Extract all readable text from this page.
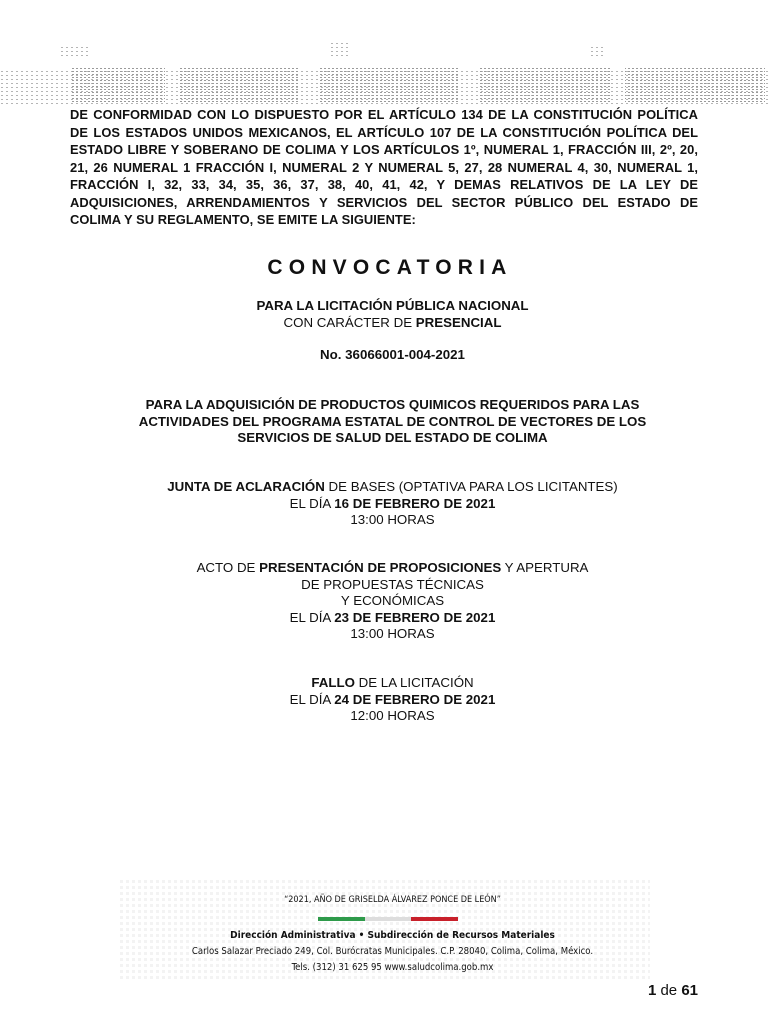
DE CONFORMIDAD CON LO DISPUESTO POR EL ARTÍCULO 134 DE LA CONSTITUCIÓN POLÍTICA DE LOS ESTADOS UNIDOS MEXICANOS, EL ARTÍCULO 107 DE LA CONSTITUCIÓN POLÍTICA DEL ESTADO LIBRE Y SOBERANO DE COLIMA Y LOS ARTÍCULOS 1º, NUMERAL 1, FRACCIÓN III, 2º, 20, 21, 26 NUMERAL 1 FRACCIÓN I, NUMERAL 2 Y NUMERAL 5, 27, 28 NUMERAL 4, 30, NUMERAL 1, FRACCIÓN I, 32, 33, 34, 35, 36, 37, 38, 40, 41, 42, Y DEMAS RELATIVOS DE LA LEY DE ADQUISICIONES, ARRENDAMIENTOS Y SERVICIOS DEL SECTOR PÚBLICO DEL ESTADO DE COLIMA Y SU REGLAMENTO, SE EMITE LA SIGUIENTE:
CONVOCATORIA
PARA LA LICITACIÓN PÚBLICA NACIONAL
CON CARÁCTER DE PRESENCIAL
No. 36066001-004-2021
PARA LA ADQUISICIÓN DE PRODUCTOS QUIMICOS REQUERIDOS PARA LAS
ACTIVIDADES DEL PROGRAMA ESTATAL DE CONTROL DE VECTORES DE LOS
SERVICIOS DE SALUD DEL ESTADO DE COLIMA
JUNTA DE ACLARACIÓN DE BASES (OPTATIVA PARA LOS LICITANTES)
EL DÍA 16 DE FEBRERO DE 2021
13:00 HORAS
ACTO DE PRESENTACIÓN DE PROPOSICIONES Y APERTURA
DE PROPUESTAS TÉCNICAS
Y ECONÓMICAS
EL DÍA 23 DE FEBRERO DE 2021
13:00 HORAS
FALLO DE LA LICITACIÓN
EL DÍA 24 DE FEBRERO DE 2021
12:00 HORAS
“2021, AÑO DE GRISELDA ÁLVAREZ PONCE DE LEÓN”
Dirección Administrativa • Subdirección de Recursos Materiales
Carlos Salazar Preciado 249, Col. Burócratas Municipales. C.P. 28040, Colima, Colima, México.
Tels. (312) 31 625 95 www.saludcolima.gob.mx
1 de 61
